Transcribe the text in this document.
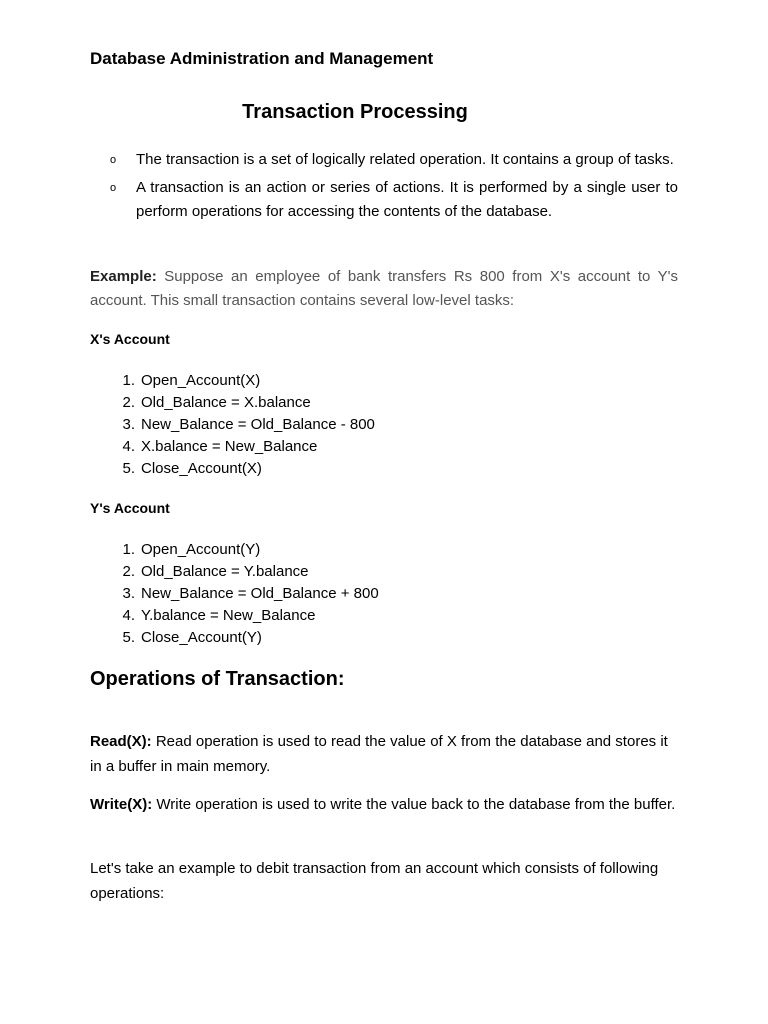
Database Administration and Management
Transaction Processing
o The transaction is a set of logically related operation. It contains a group of tasks.
o A transaction is an action or series of actions. It is performed by a single user to perform operations for accessing the contents of the database.
Example: Suppose an employee of bank transfers Rs 800 from X's account to Y's account. This small transaction contains several low-level tasks:
X's Account
1. Open_Account(X)
2. Old_Balance = X.balance
3. New_Balance = Old_Balance - 800
4. X.balance = New_Balance
5. Close_Account(X)
Y's Account
1. Open_Account(Y)
2. Old_Balance = Y.balance
3. New_Balance = Old_Balance + 800
4. Y.balance = New_Balance
5. Close_Account(Y)
Operations of Transaction:
Read(X): Read operation is used to read the value of X from the database and stores it in a buffer in main memory.
Write(X): Write operation is used to write the value back to the database from the buffer.
Let's take an example to debit transaction from an account which consists of following operations:
